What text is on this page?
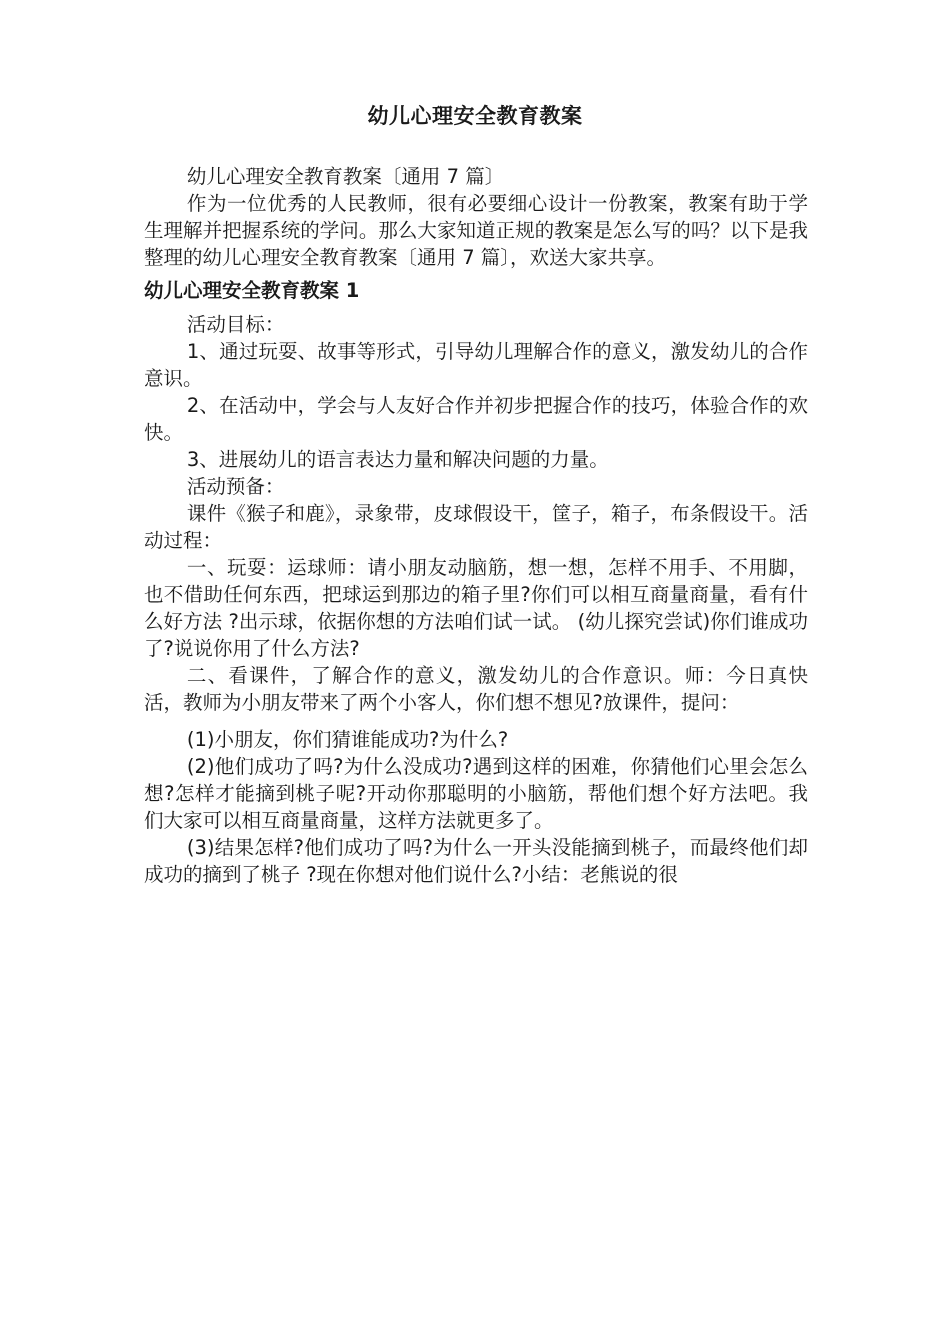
幼儿心理安全教育教案

幼儿心理安全教育教案〔通用 7 篇〕

作为一位优秀的人民教师，很有必要细心设计一份教案，教案有助于学生理解并把握系统的学问。那么大家知道正规的教案是怎么写的吗？以下是我整理的幼儿心理安全教育教案〔通用 7 篇〕，欢送大家共享。

幼儿心理安全教育教案 1

活动目标：

1、通过玩耍、故事等形式，引导幼儿理解合作的意义，激发幼儿的合作意识。

2、在活动中，学会与人友好合作并初步把握合作的技巧，体验合作的欢快。

3、进展幼儿的语言表达力量和解决问题的力量。

活动预备：

课件《猴子和鹿》，录象带，皮球假设干，筐子，箱子，布条假设干。活动过程：

一、玩耍：运球师：请小朋友动脑筋，想一想，怎样不用手、不用脚，也不借助任何东西，把球运到那边的箱子里?你们可以相互商量商量，看有什么好方法 ?出示球，依据你想的方法咱们试一试。 (幼儿探究尝试)你们谁成功了?说说你用了什么方法?

二、看课件，了解合作的意义，激发幼儿的合作意识。师：今日真快活，教师为小朋友带来了两个小客人，你们想不想见?放课件，提问：

(1)小朋友，你们猜谁能成功?为什么?

(2)他们成功了吗?为什么没成功?遇到这样的困难，你猜他们心里会怎么想?怎样才能摘到桃子呢?开动你那聪明的小脑筋，帮他们想个好方法吧。我们大家可以相互商量商量，这样方法就更多了。

(3)结果怎样?他们成功了吗?为什么一开头没能摘到桃子，而最终他们却成功的摘到了桃子 ?现在你想对他们说什么?小结：老熊说的很
